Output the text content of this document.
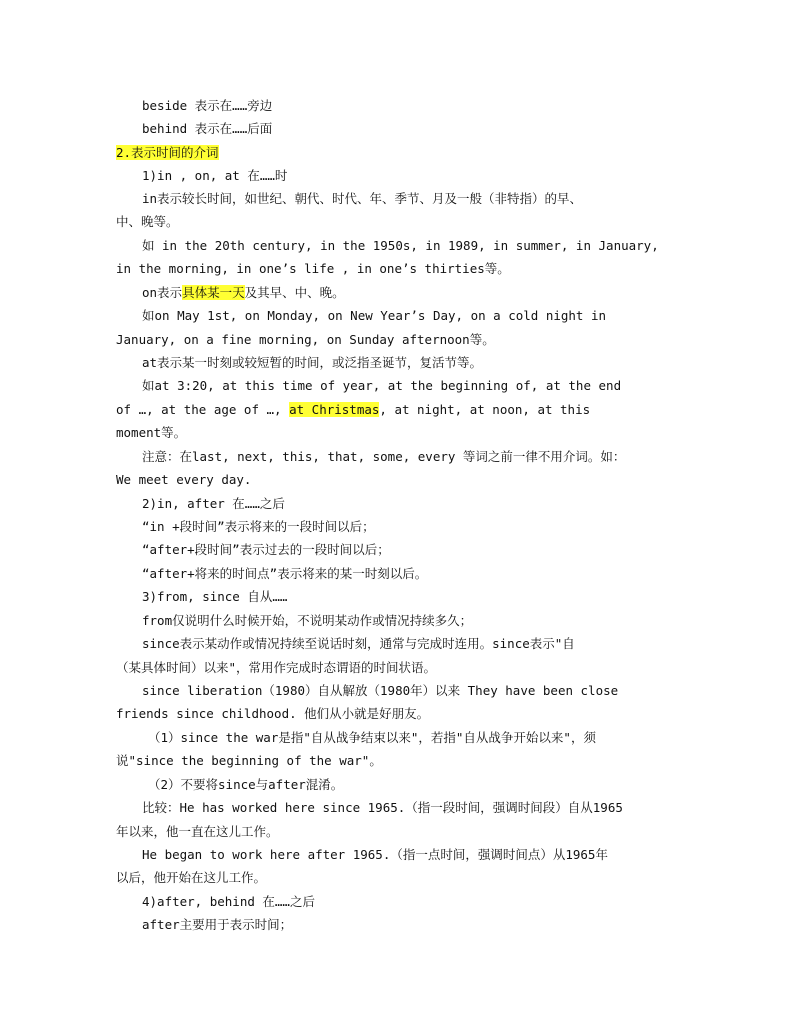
beside 表示在……旁边
behind 表示在……后面
2.表示时间的介词
1)in , on, at 在……时
in表示较长时间，如世纪、朝代、时代、年、季节、月及一般（非特指）的早、
中、晚等。
如 in the 20th century, in the 1950s, in 1989, in summer, in January,
in the morning, in one’s life , in one’s thirties等。
on表示具体某一天及其早、中、晚。
如on May 1st, on Monday, on New Year’s Day, on a cold night in
January, on a fine morning, on Sunday afternoon等。
at表示某一时刻或较短暂的时间，或泛指圣诞节，复活节等。
如at 3:20, at this time of year, at the beginning of, at the end
of …, at the age of …, at Christmas, at night, at noon, at this
moment等。
注意：在last, next, this, that, some, every 等词之前一律不用介词。如：
We meet every day.
2)in, after 在……之后
“in +段时间”表示将来的一段时间以后；
“after+段时间”表示过去的一段时间以后；
“after+将来的时间点”表示将来的某一时刻以后。
3)from, since 自从……
from仅说明什么时候开始，不说明某动作或情况持续多久；
since表示某动作或情况持续至说话时刻，通常与完成时连用。since表示"自
（某具体时间）以来"，常用作完成时态谓语的时间状语。
since liberation（1980）自从解放（1980年）以来 They have been close
friends since childhood. 他们从小就是好朋友。
（1）since the war是指"自从战争结束以来"，若指"自从战争开始以来"，须
说"since the beginning of the war"。
（2）不要将since与after混淆。
比较：He has worked here since 1965.（指一段时间，强调时间段）自从1965
年以来，他一直在这儿工作。
He began to work here after 1965.（指一点时间，强调时间点）从1965年
以后，他开始在这儿工作。
4)after, behind 在……之后
after主要用于表示时间；
